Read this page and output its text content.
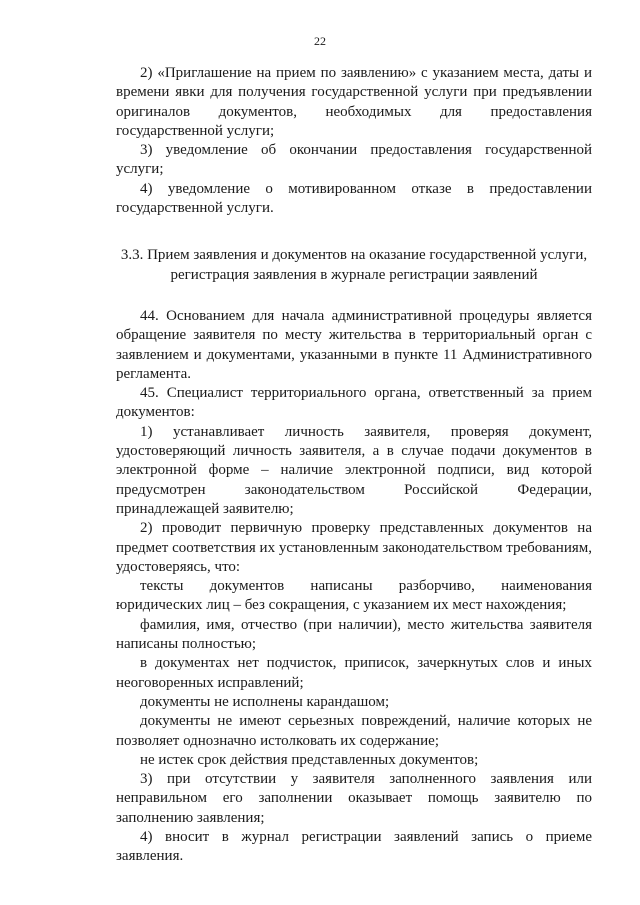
22

2) «Приглашение на прием по заявлению» с указанием места, даты и времени явки для получения государственной услуги при предъявлении оригиналов документов, необходимых для предоставления государственной услуги;

3) уведомление об окончании предоставления государственной услуги;

4) уведомление о мотивированном отказе в предоставлении государственной услуги.

3.3. Прием заявления и документов на оказание государственной услуги,
регистрация заявления в журнале регистрации заявлений

44. Основанием для начала административной процедуры является обращение заявителя по месту жительства в территориальный орган с заявлением и документами, указанными в пункте 11 Административного регламента.

45. Специалист территориального органа, ответственный за прием документов:

1) устанавливает личность заявителя, проверяя документ, удостоверяющий личность заявителя, а в случае подачи документов в электронной форме – наличие электронной подписи, вид которой предусмотрен законодательством Российской Федерации, принадлежащей заявителю;

2) проводит первичную проверку представленных документов на предмет соответствия их установленным законодательством требованиям, удостоверяясь, что:

тексты документов написаны разборчиво, наименования юридических лиц – без сокращения, с указанием их мест нахождения;

фамилия, имя, отчество (при наличии), место жительства заявителя написаны полностью;

в документах нет подчисток, приписок, зачеркнутых слов и иных неоговоренных исправлений;

документы не исполнены карандашом;

документы не имеют серьезных повреждений, наличие которых не позволяет однозначно истолковать их содержание;

не истек срок действия представленных документов;

3) при отсутствии у заявителя заполненного заявления или неправильном его заполнении оказывает помощь заявителю по заполнению заявления;

4) вносит в журнал регистрации заявлений запись о приеме заявления.
